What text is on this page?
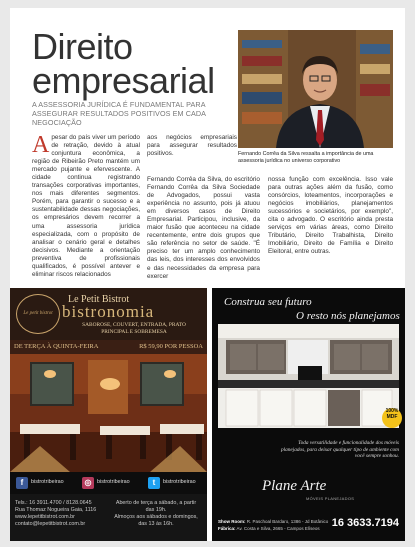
Direito
empresarial
A ASSESSORIA JURÍDICA É FUNDAMENTAL PARA ASSEGURAR RESULTADOS POSITIVOS EM CADA NEGOCIAÇÃO
Fernando Corrêa da Silva ressalta a importância de uma assessoria jurídica no universo corporativo
Apesar do país viver um período de retração, devido à atual conjuntura econômica, a região de Ribeirão Preto mantém um mercado pujante e efervescente. A cidade continua registrando transações corporativas importantes, nos mais diferentes segmentos. Porém, para garantir o sucesso e a sustentabilidade dessas negociações, os empresários devem recorrer a uma assessoria jurídica especializada, com o propósito de analisar o cenário geral e detalhes decisivos. Mediante a orientação preventiva de profissionais qualificados, é possível antever e eliminar riscos relacionados
aos negócios empresariais para assegurar resultados positivos.
Fernando Corrêa da Silva, do escritório Fernando Corrêa da Silva Sociedade de Advogados, possui vasta experiência no assunto, pois já atuou em diversos casos de Direito Empresarial. Participou, inclusive, da maior fusão que aconteceu na cidade recentemente, entre dois grupos que são referência no setor de saúde. "É preciso ter um amplo conhecimento das leis, dos interesses dos envolvidos e das necessidades da empresa para exercer
nossa função com excelência. Isso vale para outras ações além da fusão, como consórcios, loteamentos, incorporações e negócios imobiliários, planejamentos sucessórios e societários, por exemplo", cita o advogado. O escritório ainda presta serviços em várias áreas, como Direito Tributário, Direito Trabalhista, Direito Imobiliário, Direito de Família e Direito Eleitoral, entre outras.
Le petit bistrot
Le Petit Bistrot
bistronomia
SABOROSE, COUVERT, ENTRADA, PRATO PRINCIPAL E SOBREMESA
DE TERÇA À QUINTA-FEIRA	R$ 59,90 POR PESSOA
f	bistrotribeirao	◎	bistrotribeirao	t	bistrotribeirao
Tels.: 16 3911.4700 / 8128.0645
Rua Thomaz Nogueira Gaia, 1116
www.lepetitbistrot.com.br
contato@lepetitbistrot.com.br
Aberto de terça a sábado, a partir das 19h.
Almoços aos sábados e domingos, das 13 às 16h.
Construa seu futuro
O resto nós planejamos
100% MDF
Toda versatilidade e funcionalidade dos móveis planejados, para deixar qualquer tipo de ambiente com você sempre sonhou.
Plane Arte
MÓVEIS PLANEJADOS
Show Room: R. Paschoal Bardaro, 1386 - Jd Botânico
Fábrica: Av. Costa e Silva, 2665 - Campos Elíseos	16 3633.7194
